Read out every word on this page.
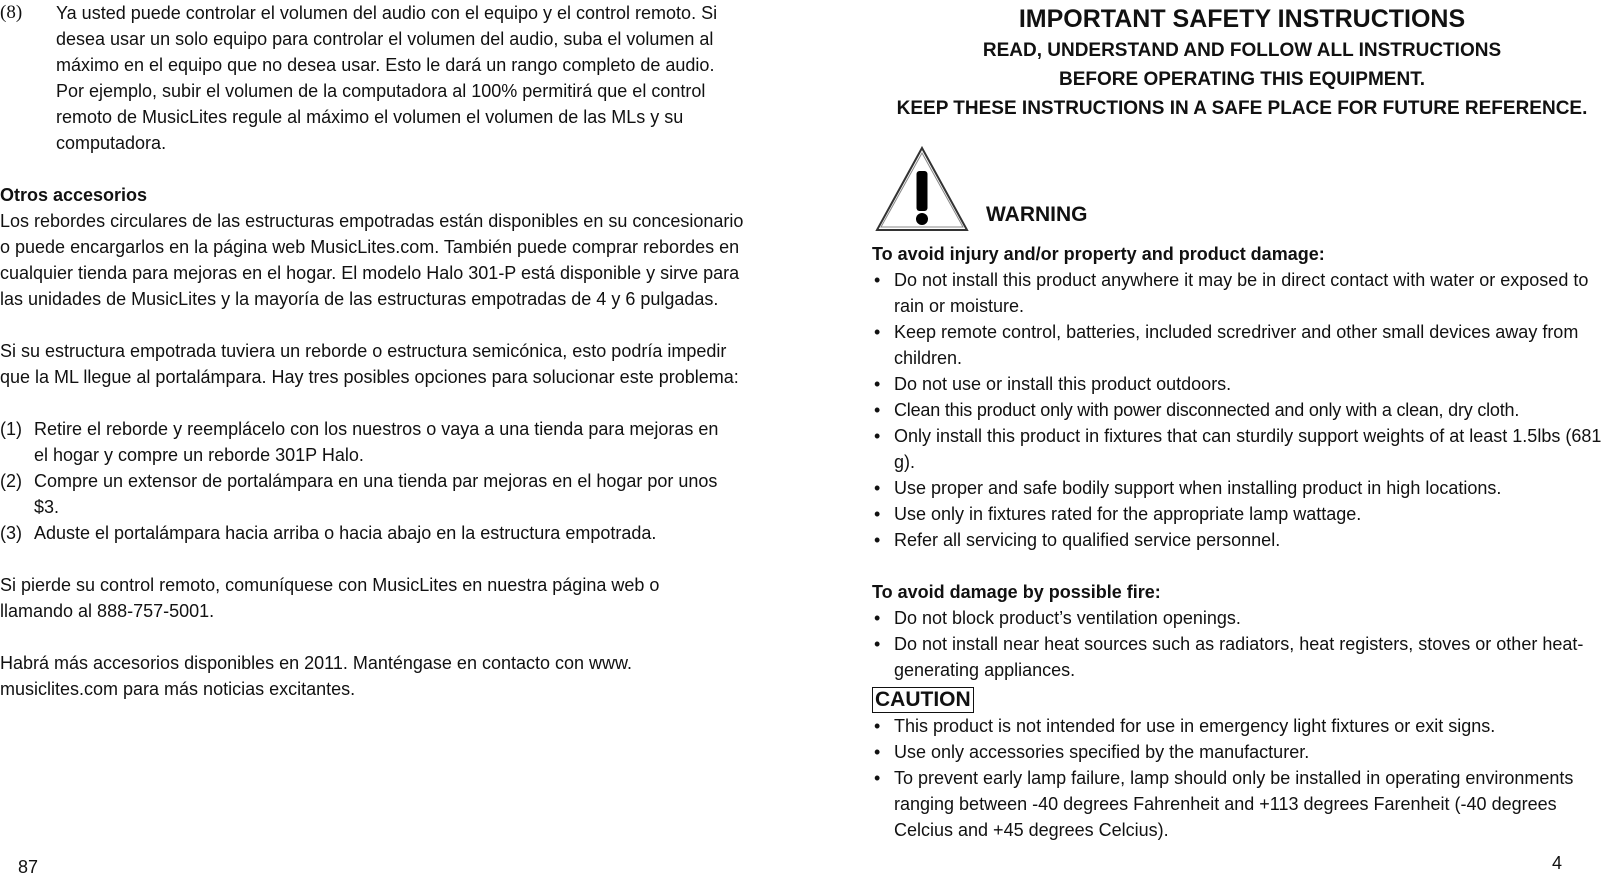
(8) Ya usted puede controlar el volumen del audio con el equipo y el control remoto. Si desea usar un solo equipo para controlar el volumen del audio, suba el volumen al máximo en el equipo que no desea usar. Esto le dará un rango completo de audio. Por ejemplo, subir el volumen de la computadora al 100% permitirá que el control remoto de MusicLites regule al máximo el volumen el volumen de las MLs y su computadora.

Otros accesorios

Los rebordes circulares de las estructuras empotradas están disponibles en su concesionario o puede encargarlos en la página web MusicLites.com. También puede comprar rebordes en cualquier tienda para mejoras en el hogar. El modelo Halo 301-P está disponible y sirve para las unidades de MusicLites y la mayoría de las estructuras empotradas de 4 y 6 pulgadas.

Si su estructura empotrada tuviera un reborde o estructura semicónica, esto podría impedir que la ML llegue al portalámpara. Hay tres posibles opciones para solucionar este problema:

(1) Retire el reborde y reemplácelo con los nuestros o vaya a una tienda para mejoras en el hogar y compre un reborde 301P Halo.
(2) Compre un extensor de portalámpara en una tienda par mejoras en el hogar por unos $3.
(3) Aduste el portalámpara hacia arriba o hacia abajo en la estructura empotrada.

Si pierde su control remoto, comuníquese con MusicLites en nuestra página web o llamando al 888-757-5001.

Habrá más accesorios disponibles en 2011. Manténgase en contacto con www. musiclites.com para más noticias excitantes.

87
IMPORTANT SAFETY INSTRUCTIONS
READ, UNDERSTAND AND FOLLOW ALL INSTRUCTIONS
BEFORE OPERATING THIS EQUIPMENT.
KEEP THESE INSTRUCTIONS IN A SAFE PLACE FOR FUTURE REFERENCE.
WARNING
To avoid injury and/or property and product damage:
• Do not install this product anywhere it may be in direct contact with water or exposed to rain or moisture.
• Keep remote control, batteries, included scredriver and other small devices away from children.
• Do not use or install this product outdoors.
• Clean this product only with power disconnected and only with a clean, dry cloth.
• Only install this product in fixtures that can sturdily support weights of at least 1.5lbs (681 g).
• Use proper and safe bodily support when installing product in high locations.
• Use only in fixtures rated for the appropriate lamp wattage.
• Refer all servicing to qualified service personnel.
To avoid damage by possible fire:
• Do not block product’s ventilation openings.
• Do not install near heat sources such as radiators, heat registers, stoves or other heat-generating appliances.
CAUTION
• This product is not intended for use in emergency light fixtures or exit signs.
• Use only accessories specified by the manufacturer.
• To prevent early lamp failure, lamp should only be installed in operating environments ranging between -40 degrees Fahrenheit and +113 degrees Farenheit (-40 degrees Celcius and +45 degrees Celcius).
4
